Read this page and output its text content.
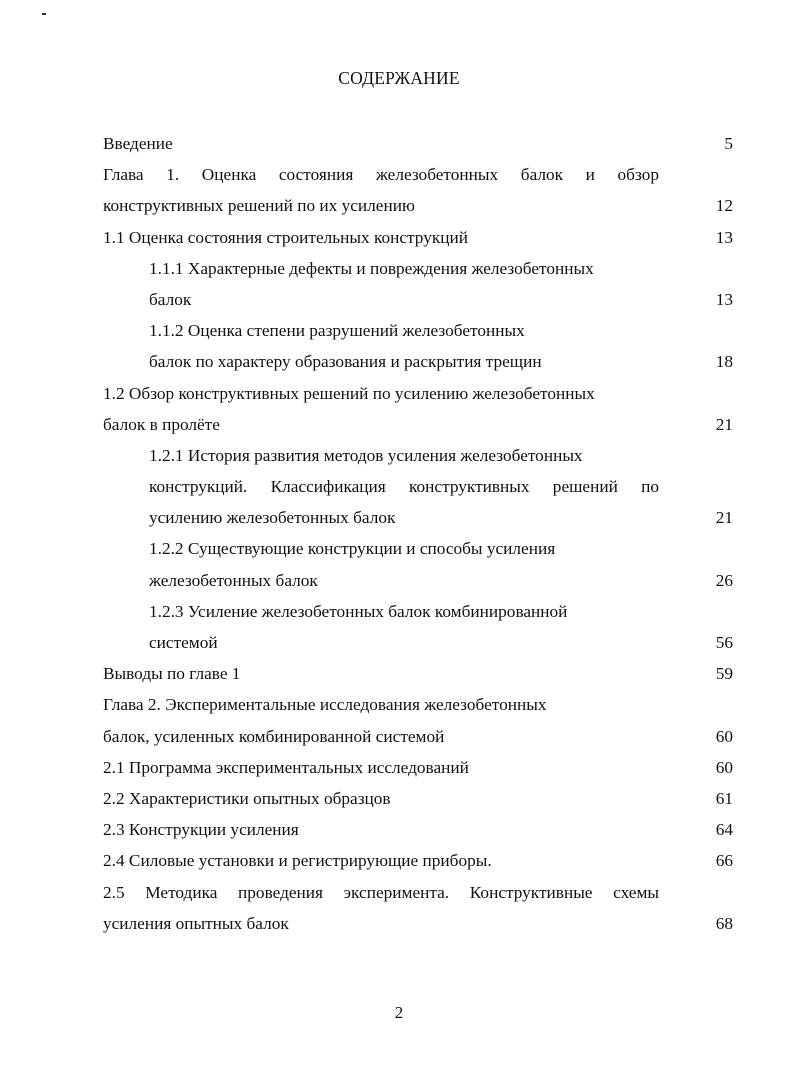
СОДЕРЖАНИЕ
Введение	5
Глава 1. Оценка состояния железобетонных балок и обзор
конструктивных решений по их усилению	12
1.1 Оценка состояния строительных конструкций	13
1.1.1 Характерные дефекты и повреждения железобетонных
балок	13
1.1.2 Оценка степени разрушений железобетонных
балок по характеру образования и раскрытия трещин	18
1.2 Обзор конструктивных решений по усилению железобетонных
балок в пролёте	21
1.2.1 История развития методов усиления железобетонных
конструкций. Классификация конструктивных решений по
усилению железобетонных балок	21
1.2.2 Существующие конструкции и способы усиления
железобетонных балок	26
1.2.3 Усиление железобетонных балок комбинированной
системой	56
Выводы по главе 1	59
Глава 2. Экспериментальные исследования железобетонных
балок, усиленных комбинированной системой	60
2.1 Программа экспериментальных исследований	60
2.2 Характеристики опытных образцов	61
2.3 Конструкции усиления	64
2.4 Силовые установки и регистрирующие приборы.	66
2.5 Методика проведения эксперимента. Конструктивные схемы
усиления опытных балок	68
2
